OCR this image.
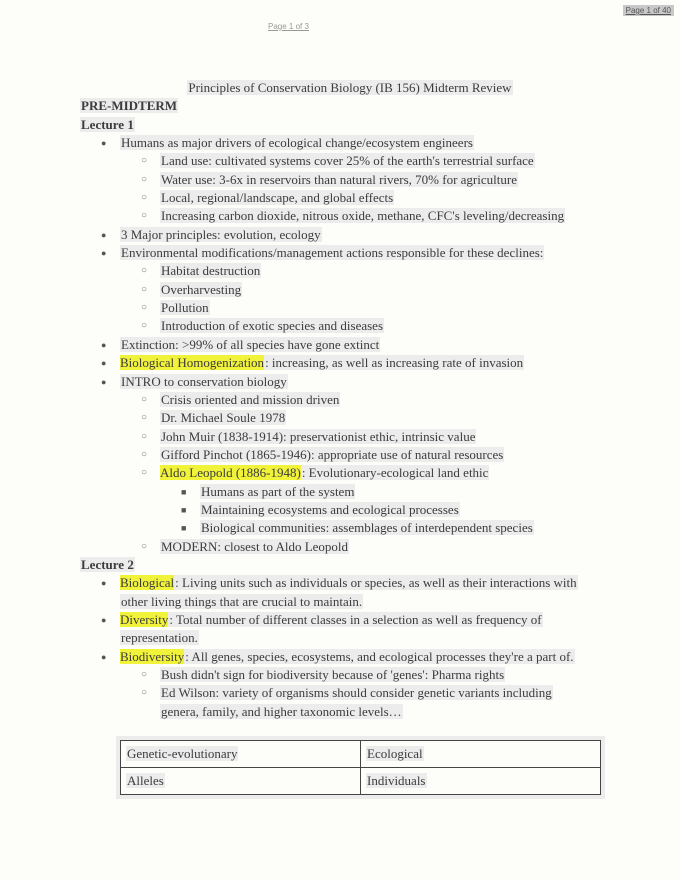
Page 1 of 40
Page 1 of 3
Principles of Conservation Biology (IB 156) Midterm Review
PRE-MIDTERM
Lecture 1
● Humans as major drivers of ecological change/ecosystem engineers
○ Land use: cultivated systems cover 25% of the earth's terrestrial surface
○ Water use: 3-6x in reservoirs than natural rivers, 70% for agriculture
○ Local, regional/landscape, and global effects
○ Increasing carbon dioxide, nitrous oxide, methane, CFC's leveling/decreasing
● 3 Major principles: evolution, ecology
● Environmental modifications/management actions responsible for these declines:
○ Habitat destruction
○ Overharvesting
○ Pollution
○ Introduction of exotic species and diseases
● Extinction: >99% of all species have gone extinct
● Biological Homogenization: increasing, as well as increasing rate of invasion
● INTRO to conservation biology
○ Crisis oriented and mission driven
○ Dr. Michael Soule 1978
○ John Muir (1838-1914): preservationist ethic, intrinsic value
○ Gifford Pinchot (1865-1946): appropriate use of natural resources
○ Aldo Leopold (1886-1948): Evolutionary-ecological land ethic
■ Humans as part of the system
■ Maintaining ecosystems and ecological processes
■ Biological communities: assemblages of interdependent species
○ MODERN: closest to Aldo Leopold
Lecture 2
● Biological: Living units such as individuals or species, as well as their interactions with
other living things that are crucial to maintain.
● Diversity: Total number of different classes in a selection as well as frequency of
representation.
● Biodiversity: All genes, species, ecosystems, and ecological processes they're a part of.
○ Bush didn't sign for biodiversity because of 'genes': Pharma rights
○ Ed Wilson: variety of organisms should consider genetic variants including
genera, family, and higher taxonomic levels…
Genetic-evolutionary	Ecological
Alleles	Individuals
